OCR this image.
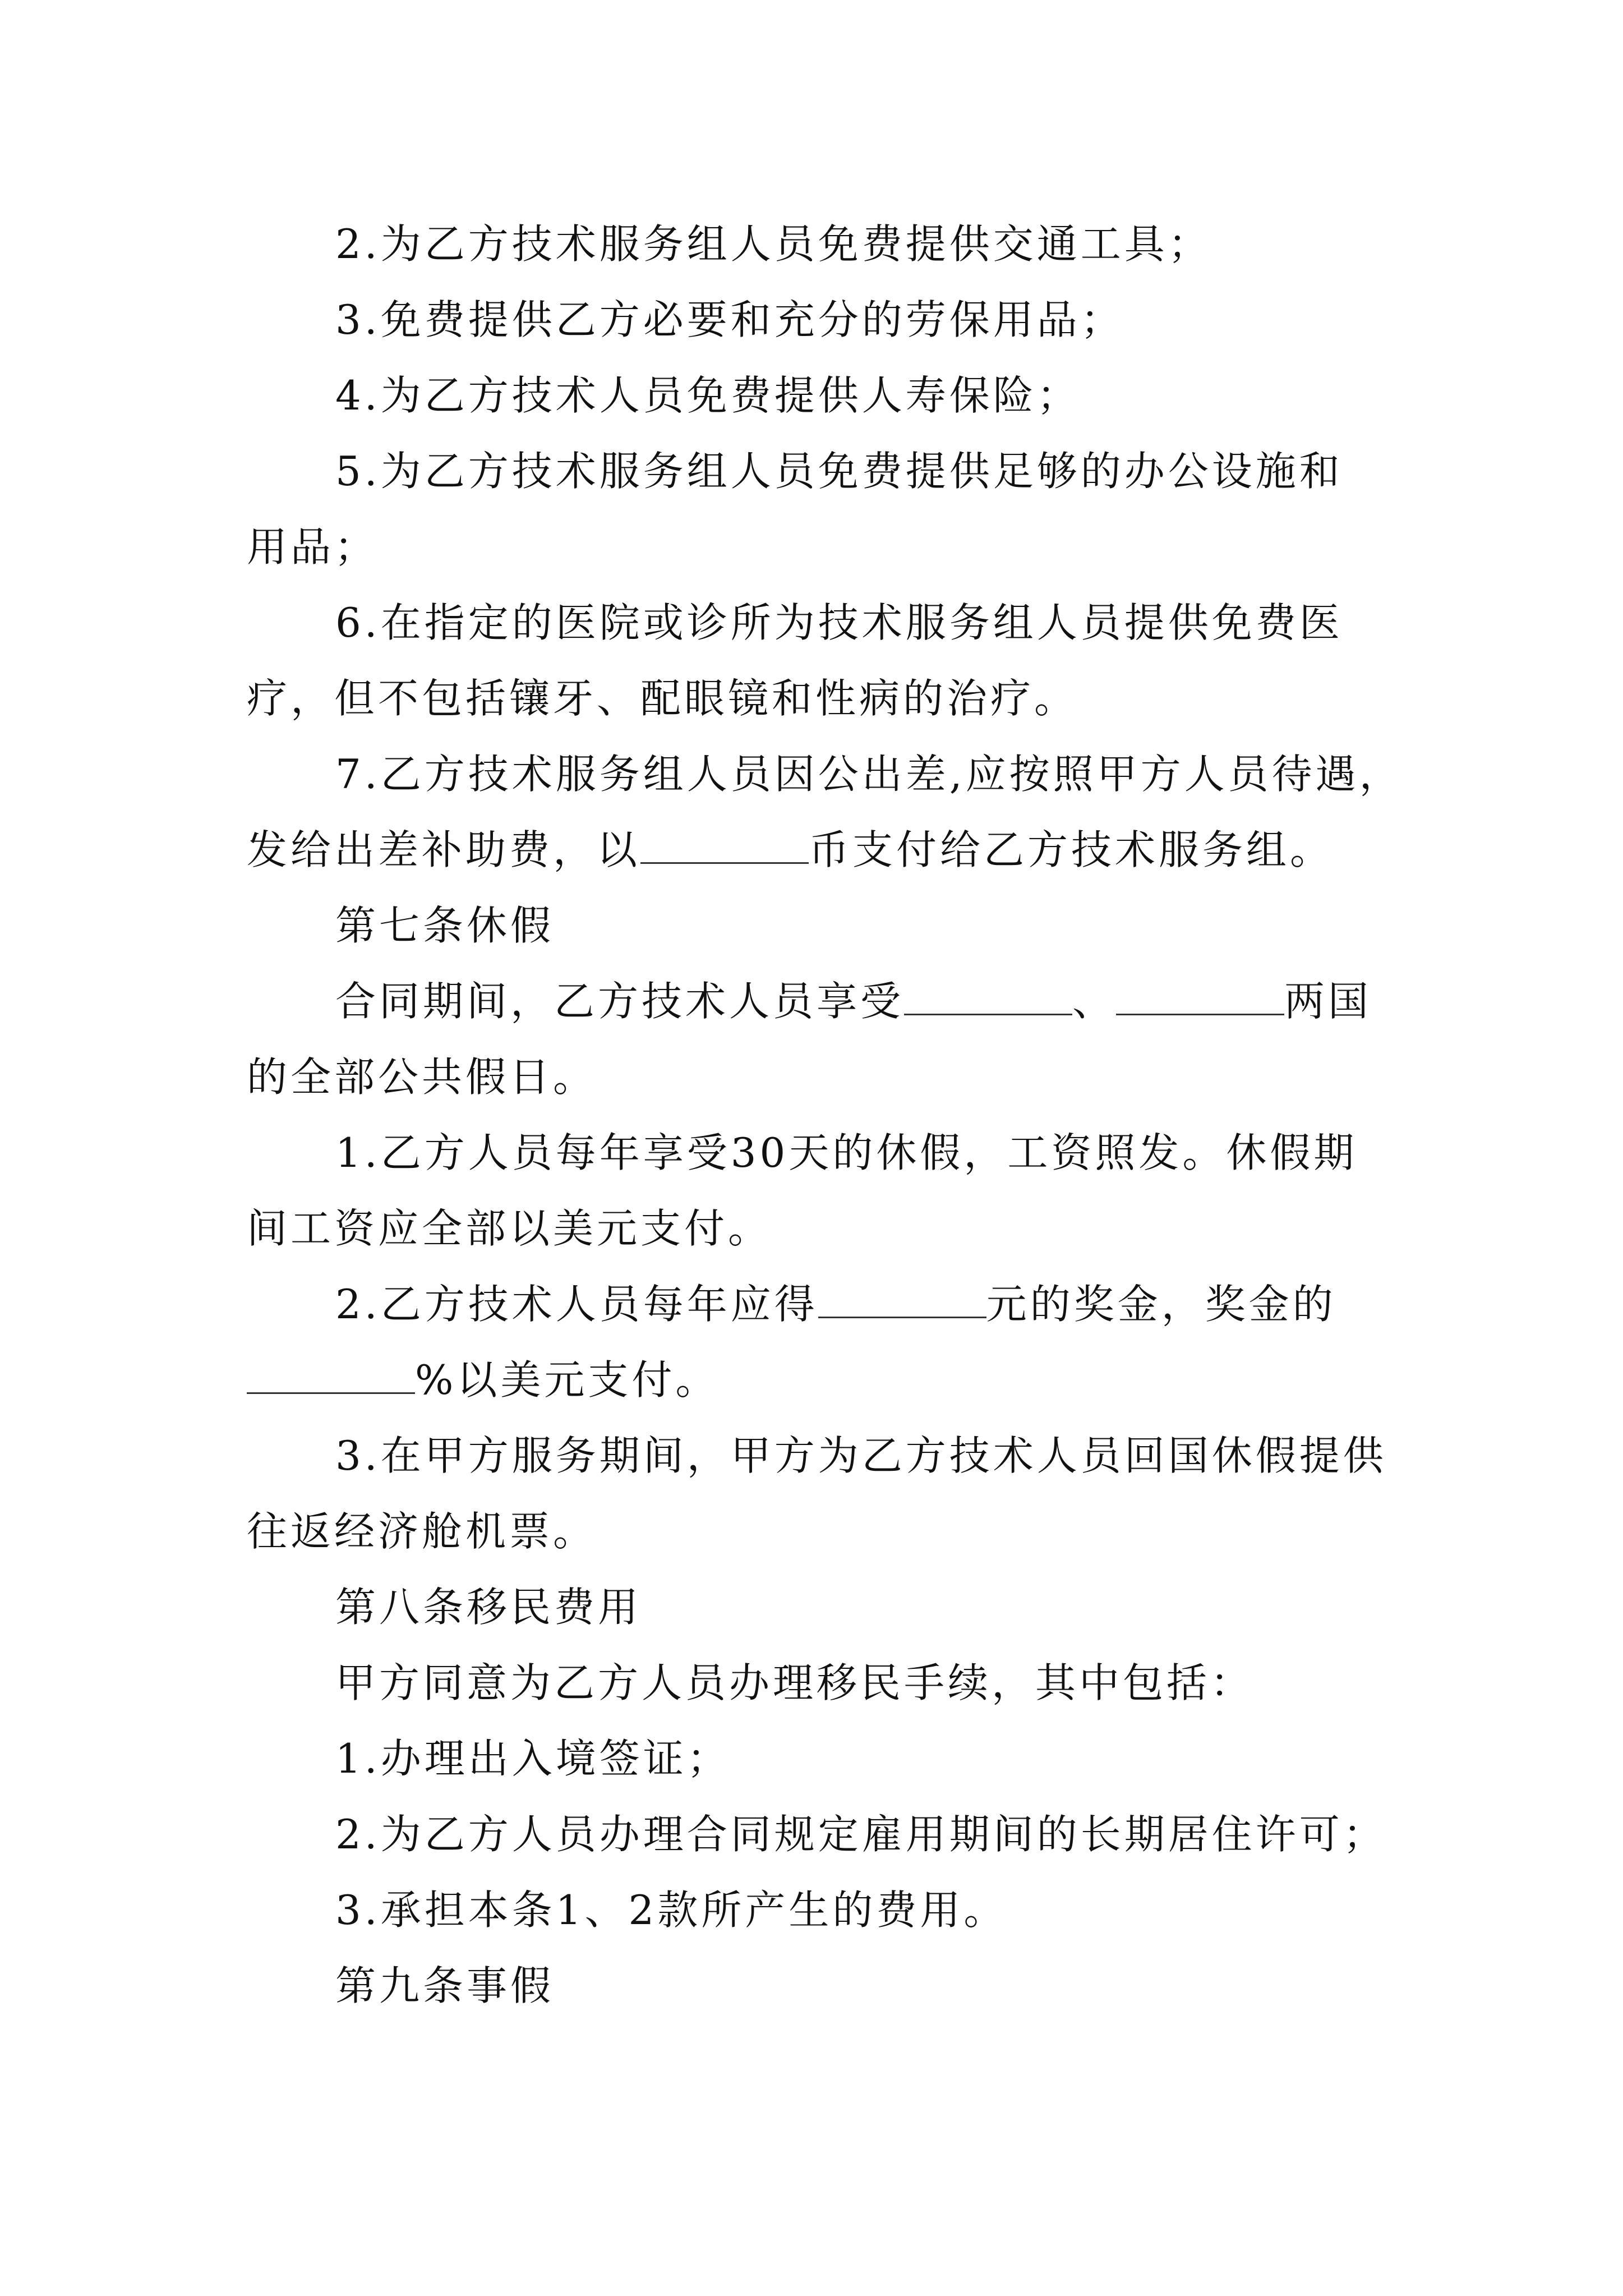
2.为乙方技术服务组人员免费提供交通工具；
3.免费提供乙方必要和充分的劳保用品；
4.为乙方技术人员免费提供人寿保险；
5.为乙方技术服务组人员免费提供足够的办公设施和
用品；
6.在指定的医院或诊所为技术服务组人员提供免费医
疗，但不包括镶牙、配眼镜和性病的治疗。
7.乙方技术服务组人员因公出差,应按照甲方人员待遇，
发给出差补助费，以	币支付给乙方技术服务组。
第七条休假
合同期间，乙方技术人员享受	、	两国
的全部公共假日。
1.乙方人员每年享受30天的休假，工资照发。休假期
间工资应全部以美元支付。
2.乙方技术人员每年应得	元的奖金，奖金的
%以美元支付。
3.在甲方服务期间，甲方为乙方技术人员回国休假提供
往返经济舱机票。
第八条移民费用
甲方同意为乙方人员办理移民手续，其中包括：
1.办理出入境签证；
2.为乙方人员办理合同规定雇用期间的长期居住许可；
3.承担本条1、2款所产生的费用。
第九条事假
